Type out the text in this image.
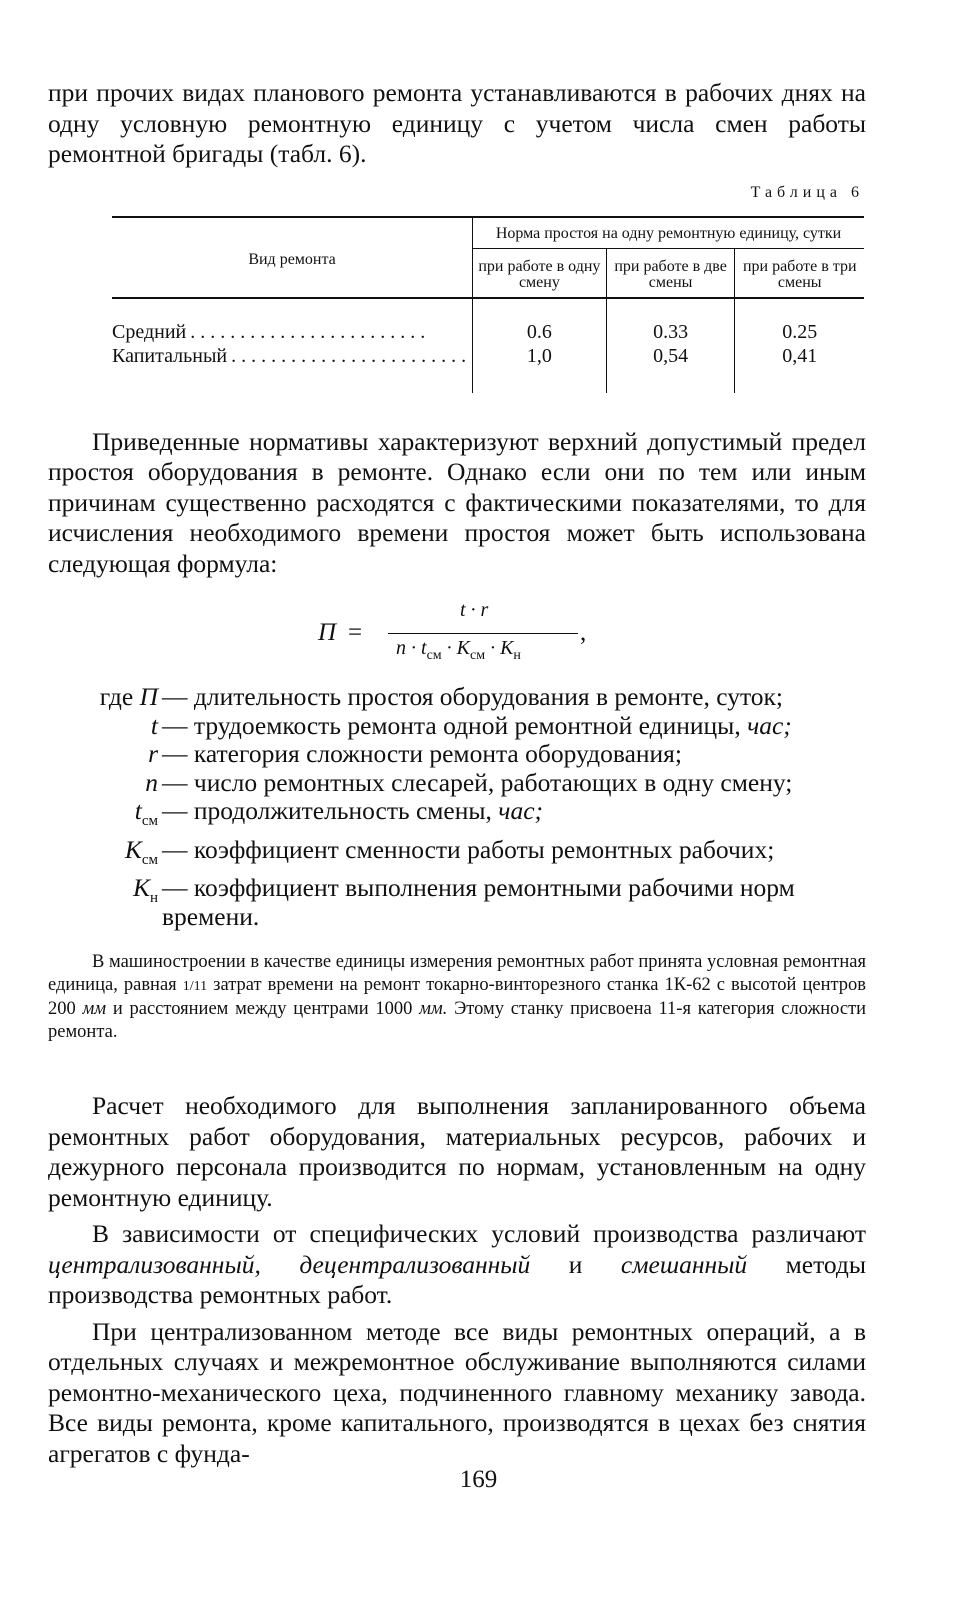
при прочих видах планового ремонта устанавливаются в рабочих днях на одну условную ремонтную единицу с учетом числа смен работы ремонтной бригады (табл. 6).

Таблица 6
Вид ремонта	Норма простоя на одну ремонтную единицу, сутки		
	при работе в одну смену	при работе в две смены	при работе в три смены

Средний ........................	0.6	0.33	0.25

Капитальный ........................	1,0	0,54	0,41

Приведенные нормативы характеризуют верхний допустимый предел простоя оборудования в ремонте. Однако если они по тем или иным причинам существенно расходятся с фактическими показателями, то для исчисления необходимого времени простоя может быть использована следующая формула:

П =
t · r
$n \cdot t_{см} \cdot K_{см} \cdot K_н$
,
где П — длительность простоя оборудования в ремонте, суток;
t — трудоемкость ремонта одной ремонтной единицы, час;
r — категория сложности ремонта оборудования;
n — число ремонтных слесарей, работающих в одну смену;
$t_{см}$ — продолжительность смены, час;
$K_{см}$ — коэффициент сменности работы ремонтных рабочих;
$K_н$ — коэффициент выполнения ремонтными рабочими норм времени.

В машиностроении в качестве единицы измерения ремонтных работ принята условная ремонтная единица, равная 1/11 затрат времени на ремонт токарно-винторезного станка 1К-62 с высотой центров 200 мм и расстоянием между центрами 1000 мм. Этому станку присвоена 11-я категория сложности ремонта.

Расчет необходимого для выполнения запланированного объема ремонтных работ оборудования, материальных ресурсов, рабочих и дежурного персонала производится по нормам, установленным на одну ремонтную единицу.

В зависимости от специфических условий производства различают централизованный, децентрализованный и смешанный методы производства ремонтных работ.

При централизованном методе все виды ремонтных операций, а в отдельных случаях и межремонтное обслуживание выполняются силами ремонтно-механического цеха, подчиненного главному механику завода. Все виды ремонта, кроме капитального, производятся в цехах без снятия агрегатов с фунда-

169
